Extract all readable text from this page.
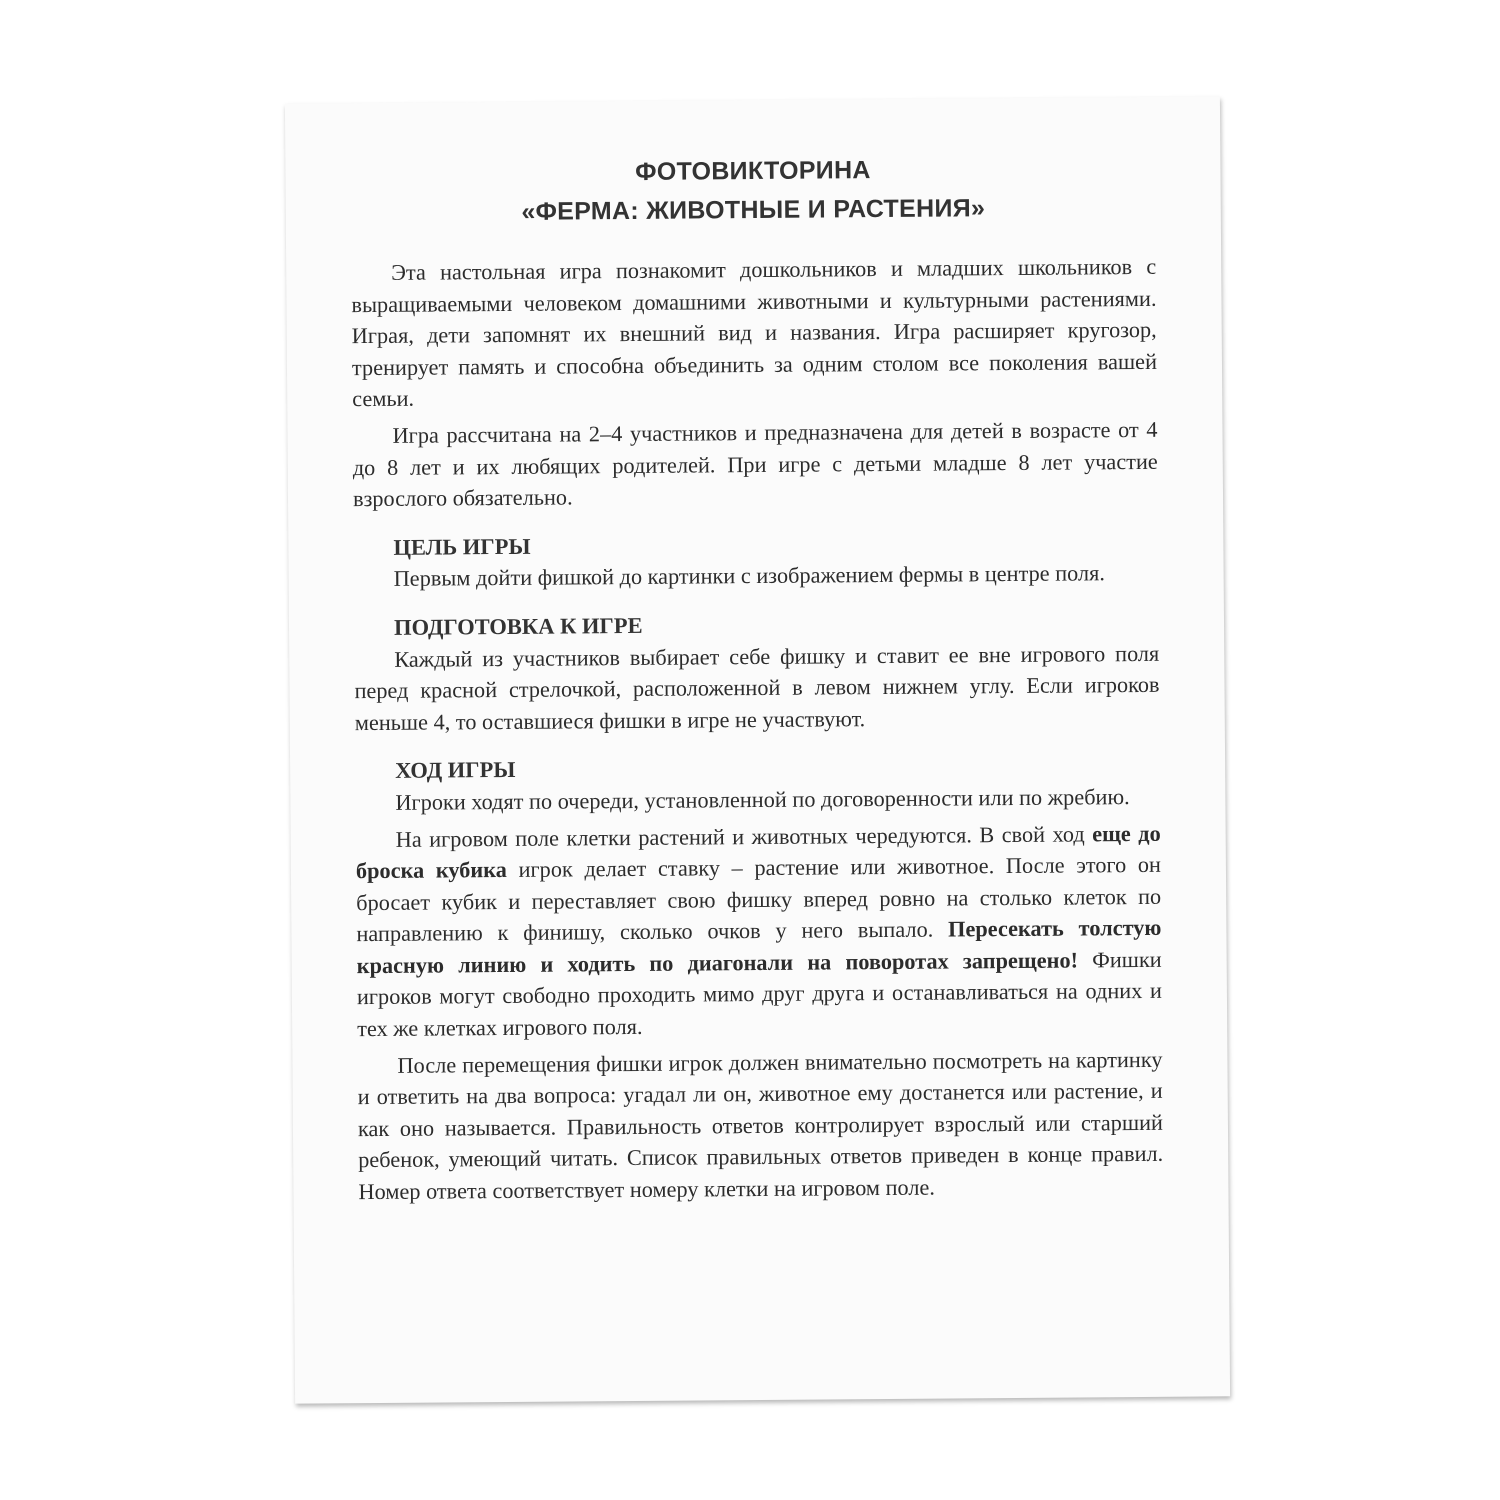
ФОТОВИКТОРИНА
«ФЕРМА: ЖИВОТНЫЕ И РАСТЕНИЯ»

Эта настольная игра познакомит дошкольников и младших школьников с выращиваемыми человеком домашними животными и культурными растениями. Играя, дети запомнят их внешний вид и названия. Игра расширяет кругозор, тренирует память и способна объединить за одним столом все поколения вашей семьи.

Игра рассчитана на 2–4 участников и предназначена для детей в возрасте от 4 до 8 лет и их любящих родителей. При игре с детьми младше 8 лет участие взрослого обязательно.

ЦЕЛЬ ИГРЫ

Первым дойти фишкой до картинки с изображением фермы в центре поля.

ПОДГОТОВКА К ИГРЕ

Каждый из участников выбирает себе фишку и ставит ее вне игрового поля перед красной стрелочкой, расположенной в левом нижнем углу. Если игроков меньше 4, то оставшиеся фишки в игре не участвуют.

ХОД ИГРЫ

Игроки ходят по очереди, установленной по договоренности или по жребию.

На игровом поле клетки растений и животных чередуются. В свой ход еще до броска кубика игрок делает ставку – растение или животное. После этого он бросает кубик и переставляет свою фишку вперед ровно на столько клеток по направлению к финишу, сколько очков у него выпало. Пересекать толстую красную линию и ходить по диагонали на поворотах запрещено! Фишки игроков могут свободно проходить мимо друг друга и останавливаться на одних и тех же клетках игрового поля.

После перемещения фишки игрок должен внимательно посмотреть на картинку и ответить на два вопроса: угадал ли он, животное ему достанется или растение, и как оно называется. Правильность ответов контролирует взрослый или старший ребенок, умеющий читать. Список правильных ответов приведен в конце правил. Номер ответа соответствует номеру клетки на игровом поле.
